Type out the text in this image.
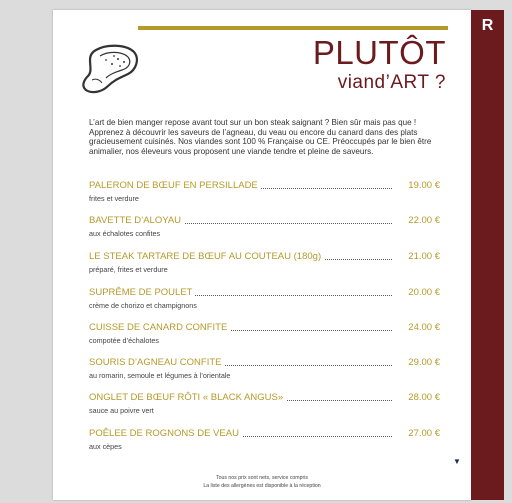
R
PLUTÔT
viand’ART ?

L’art de bien manger repose avant tout sur un bon steak saignant ? Bien sûr mais pas que ! Apprenez à découvrir les saveurs de l’agneau, du veau ou encore du canard dans des plats gracieusement cuisinés. Nos viandes sont 100 % Française ou CE. Préoccupés par le bien être animalier, nos éleveurs vous proposent une viande tendre et pleine de saveurs.

PALERON DE BŒUF EN PERSILLADE	19.00 €
frites et verdure
BAVETTE D’ALOYAU	22.00 €
aux échalotes confites
LE STEAK TARTARE DE BŒUF AU COUTEAU (180g)	21.00 €
préparé, frites et verdure
SUPRÊME DE POULET	20.00 €
crème de chorizo et champignons
CUISSE DE CANARD CONFITE	24.00 €
compotée d’échalotes
SOURIS D’AGNEAU CONFITE	29.00 €
au romarin, semoule et légumes à l’orientale
ONGLET DE BŒUF RÔTI « BLACK ANGUS»	28.00 €
sauce au poivre vert
POÊLEE DE ROGNONS DE VEAU	27.00 €
aux cèpes
▼
Tous nos prix sont nets, service compris
La liste des allergènes est disponible à la réception
